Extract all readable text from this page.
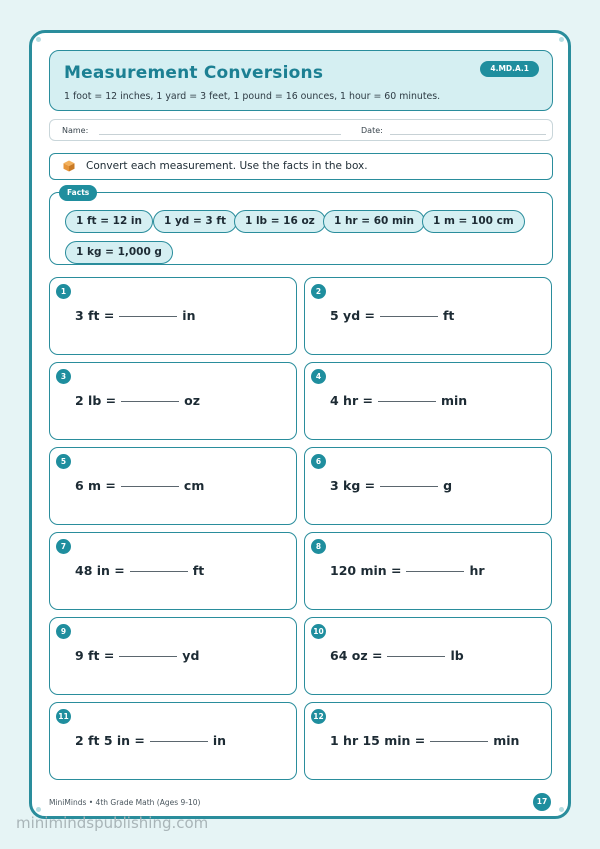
Measurement Conversions
1 foot = 12 inches, 1 yard = 3 feet, 1 pound = 16 ounces, 1 hour = 60 minutes.
4.MD.A.1
Name:	Date:
Convert each measurement. Use the facts in the box.
Facts
1 ft = 12 in	1 yd = 3 ft	1 lb = 16 oz	1 hr = 60 min	1 m = 100 cm
1 kg = 1,000 g
1
3 ft =	in
2
5 yd =	ft
3
2 lb =	oz
4
4 hr =	min
5
6 m =	cm
6
3 kg =	g
7
48 in =	ft
8
120 min =	hr
9
9 ft =	yd
10
64 oz =	lb
11
2 ft 5 in =	in
12
1 hr 15 min =	min
MiniMinds • 4th Grade Math (Ages 9-10)	17
minimindspublishing.com
